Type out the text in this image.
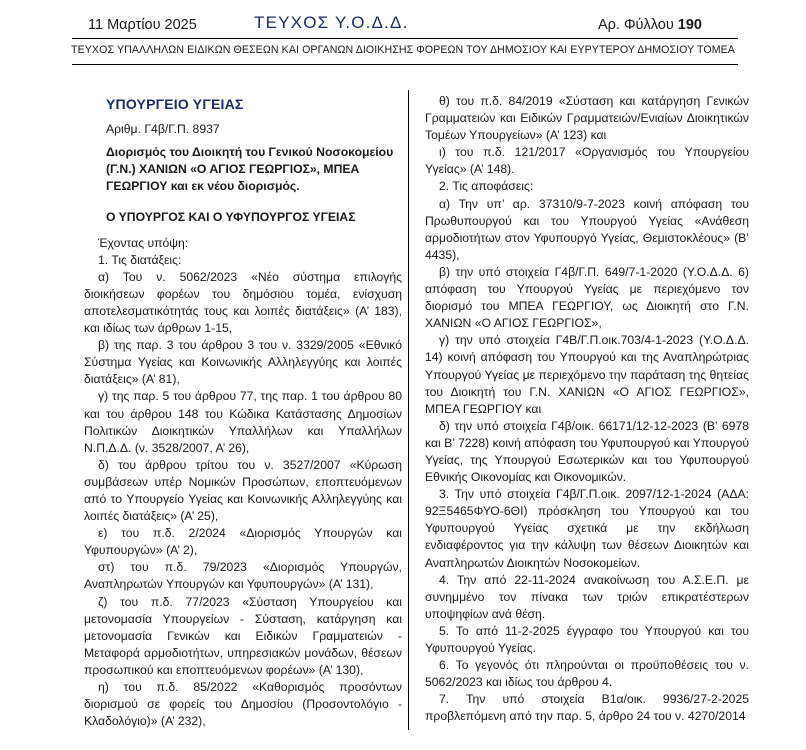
11 Μαρτίου 2025	ΤΕΥΧΟΣ Υ.Ο.Δ.Δ.	Αρ. Φύλλου 190
ΤΕΥΧΟΣ ΥΠΑΛΛΗΛΩΝ ΕΙΔΙΚΩΝ ΘΕΣΕΩΝ ΚΑΙ ΟΡΓΑΝΩΝ ΔΙΟΙΚΗΣΗΣ ΦΟΡΕΩΝ ΤΟΥ ΔΗΜΟΣΙΟΥ ΚΑΙ ΕΥΡΥΤΕΡΟΥ ΔΗΜΟΣΙΟΥ ΤΟΜΕΑ
ΥΠΟΥΡΓΕΙΟ ΥΓΕΙΑΣ
Αριθμ. Γ4β/Γ.Π. 8937
Διορισμός του Διοικητή του Γενικού Νοσοκομείου (Γ.Ν.) ΧΑΝΙΩΝ «Ο ΑΓΙΟΣ ΓΕΩΡΓΙΟΣ», ΜΠΕΑ ΓΕΩΡΓΙΟΥ και εκ νέου διορισμός.
Ο ΥΠΟΥΡΓΟΣ ΚΑΙ Ο ΥΦΥΠΟΥΡΓΟΣ ΥΓΕΙΑΣ

Έχοντας υπόψη:

1. Τις διατάξεις:

α) Του ν. 5062/2023 «Νέο σύστημα επιλογής διοικήσεων φορέων του δημόσιου τομέα, ενίσχυση αποτελεσματικότητάς τους και λοιπές διατάξεις» (Α’ 183), και ιδίως των άρθρων 1-15,

β) της παρ. 3 του άρθρου 3 του ν. 3329/2005 «Εθνικό Σύστημα Υγείας και Κοινωνικής Αλληλεγγύης και λοιπές διατάξεις» (Α’ 81),

γ) της παρ. 5 του άρθρου 77, της παρ. 1 του άρθρου 80 και του άρθρου 148 του Κώδικα Κατάστασης Δημοσίων Πολιτικών Διοικητικών Υπαλλήλων και Υπαλλήλων Ν.Π.Δ.Δ. (ν. 3528/2007, Α’ 26),

δ) του άρθρου τρίτου του ν. 3527/2007 «Κύρωση συμβάσεων υπέρ Νομικών Προσώπων, εποπτευόμενων από το Υπουργείο Υγείας και Κοινωνικής Αλληλεγγύης και λοιπές διατάξεις» (Α’ 25),

ε) του π.δ. 2/2024 «Διορισμός Υπουργών και Υφυπουργών» (Α’ 2),

στ) του π.δ. 79/2023 «Διορισμός Υπουργών, Αναπληρωτών Υπουργών και Υφυπουργών» (Α’ 131),

ζ) του π.δ. 77/2023 «Σύσταση Υπουργείου και μετονομασία Υπουργείων - Σύσταση, κατάργηση και μετονομασία Γενικών και Ειδικών Γραμματειών - Μεταφορά αρμοδιοτήτων, υπηρεσιακών μονάδων, θέσεων προσωπικού και εποπτευόμενων φορέων» (Α’ 130),

η) του π.δ. 85/2022 «Καθορισμός προσόντων διορισμού σε φορείς του Δημοσίου (Προσοντολόγιο - Κλαδολόγιο)» (Α’ 232),

θ) του π.δ. 84/2019 «Σύσταση και κατάργηση Γενικών Γραμματειών και Ειδικών Γραμματειών/Ενιαίων Διοικητικών Τομέων Υπουργείων» (Α’ 123) και

ι) του π.δ. 121/2017 «Οργανισμός του Υπουργείου Υγείας» (Α’ 148).

2. Τις αποφάσεις:

α) Την υπ’ αρ. 37310/9-7-2023 κοινή απόφαση του Πρωθυπουργού και του Υπουργού Υγείας «Ανάθεση αρμοδιοτήτων στον Υφυπουργό Υγείας, Θεμιστοκλέους» (Β’ 4435),

β) την υπό στοιχεία Γ4β/Γ.Π. 649/7-1-2020 (Υ.Ο.Δ.Δ. 6) απόφαση του Υπουργού Υγείας με περιεχόμενο τον διορισμό του ΜΠΕΑ ΓΕΩΡΓΙΟΥ, ως Διοικητή στο Γ.Ν. ΧΑΝΙΩΝ «Ο ΑΓΙΟΣ ΓΕΩΡΓΙΟΣ»,

γ) την υπό στοιχεία Γ4Β/Γ.Π.οικ.703/4-1-2023 (Υ.Ο.Δ.Δ. 14) κοινή απόφαση του Υπουργού και της Αναπληρώτριας Υπουργού Υγείας με περιεχόμενο την παράταση της θητείας του Διοικητή του Γ.Ν. ΧΑΝΙΩΝ «Ο ΑΓΙΟΣ ΓΕΩΡΓΙΟΣ», ΜΠΕΑ ΓΕΩΡΓΙΟΥ και

δ) την υπό στοιχεία Γ4β/οικ. 66171/12-12-2023 (Β’ 6978 και Β’ 7228) κοινή απόφαση του Υφυπουργού και Υπουργού Υγείας, της Υπουργού Εσωτερικών και του Υφυπουργού Εθνικής Οικονομίας και Οικονομικών.

3. Την υπό στοιχεία Γ4β/Γ.Π.οικ. 2097/12-1-2024 (ΑΔΑ: 92Ξ5465ΦΥΟ-6ΘΙ) πρόσκληση του Υπουργού και του Υφυπουργού Υγείας σχετικά με την εκδήλωση ενδιαφέροντος για την κάλυψη των θέσεων Διοικητών και Αναπληρωτών Διοικητών Νοσοκομείων.

4. Την από 22-11-2024 ανακοίνωση του Α.Σ.Ε.Π. με συνημμένο τον πίνακα των τριών επικρατέστερων υποψηφίων ανά θέση.

5. Το από 11-2-2025 έγγραφο του Υπουργού και του Υφυπουργού Υγείας.

6. Το γεγονός ότι πληρούνται οι προϋποθέσεις του ν. 5062/2023 και ιδίως του άρθρου 4.

7. Την υπό στοιχεία Β1α/οικ. 9936/27-2-2025 προβλεπόμενη από την παρ. 5, άρθρο 24 του ν. 4270/2014
